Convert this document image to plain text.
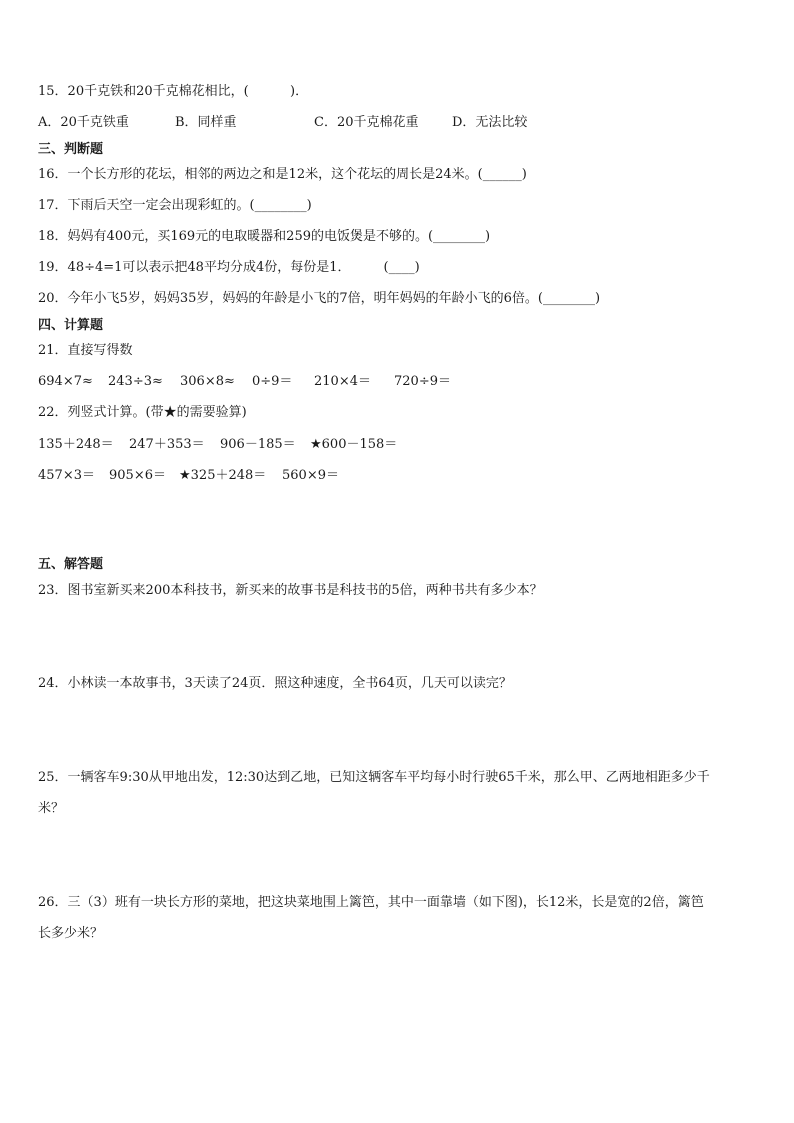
15．20千克铁和20千克棉花相比，(          )．

A．20千克铁重

	B．同样重

	C．20千克棉花重

	D．无法比较

三、判断题
16．一个长方形的花坛，相邻的两边之和是12米，这个花坛的周长是24米。(______)
17．下雨后天空一定会出现彩虹的。(________)
18．妈妈有400元，买169元的电取暖器和259的电饭煲是不够的。(________)
19．48÷4=1可以表示把48平均分成4份，每份是1．        (____)
20．今年小飞5岁，妈妈35岁，妈妈的年龄是小飞的7倍，明年妈妈的年龄小飞的6倍。(________)
四、计算题
21．直接写得数

694×7≈

243÷3≈

306×8≈

0÷9＝

210×4＝

720÷9＝

22．列竖式计算。(带★的需要验算)

135＋248＝

247＋353＝

906－185＝

★600－158＝

457×3＝

905×6＝

★325＋248＝

560×9＝

五、解答题
23．图书室新买来200本科技书，新买来的故事书是科技书的5倍，两种书共有多少本？
24．小林读一本故事书，3天读了24页．照这种速度，全书64页，几天可以读完？
25．一辆客车9:30从甲地出发，12:30达到乙地，已知这辆客车平均每小时行驶65千米，那么甲、乙两地相距多少千
米？
26．三（3）班有一块长方形的菜地，把这块菜地围上篱笆，其中一面靠墙（如下图)，长12米，长是宽的2倍，篱笆
长多少米？
